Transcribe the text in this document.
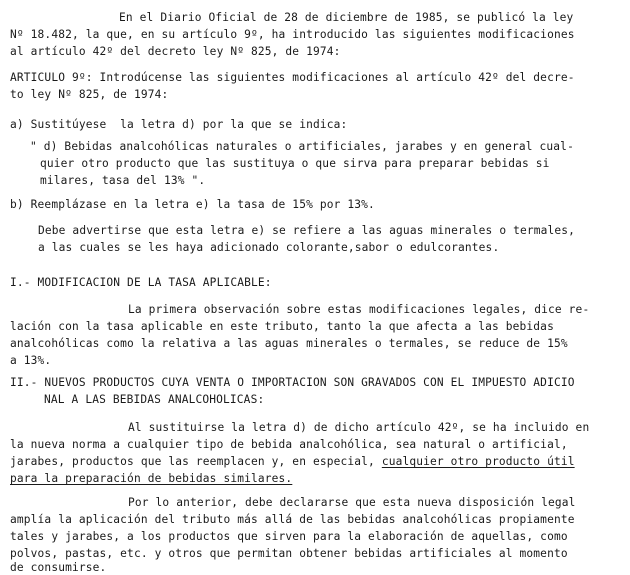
En el Diario Oficial de 28 de diciembre de 1985, se publicó la ley
Nº 18.482, la que, en su artículo 9º, ha introducido las siguientes modificaciones
al artículo 42º del decreto ley Nº 825, de 1974:
ARTICULO 9º: Introdúcense las siguientes modificaciones al artículo 42º del decre-
to ley Nº 825, de 1974:
a) Sustitúyese  la letra d) por la que se indica:
" d) Bebidas analcohólicas naturales o artificiales, jarabes y en general cual-
quier otro producto que las sustituya o que sirva para preparar bebidas si
milares, tasa del 13% ".
b) Reemplázase en la letra e) la tasa de 15% por 13%.
Debe advertirse que esta letra e) se refiere a las aguas minerales o termales,
a las cuales se les haya adicionado colorante,sabor o edulcorantes.
I.- MODIFICACION DE LA TASA APLICABLE:
La primera observación sobre estas modificaciones legales, dice re-
lación con la tasa aplicable en este tributo, tanto la que afecta a las bebidas
analcohólicas como la relativa a las aguas minerales o termales, se reduce de 15%
a 13%.
II.- NUEVOS PRODUCTOS CUYA VENTA O IMPORTACION SON GRAVADOS CON EL IMPUESTO ADICIO
NAL A LAS BEBIDAS ANALCOHOLICAS:
Al sustituirse la letra d) de dicho artículo 42º, se ha incluido en
la nueva norma a cualquier tipo de bebida analcohólica, sea natural o artificial,
jarabes, productos que las reemplacen y, en especial, cualquier otro producto útil
para la preparación de bebidas similares.
Por lo anterior, debe declararse que esta nueva disposición legal
amplía la aplicación del tributo más allá de las bebidas analcohólicas propiamente
tales y jarabes, a los productos que sirven para la elaboración de aquellas, como
polvos, pastas, etc. y otros que permitan obtener bebidas artificiales al momento
de consumirse.
